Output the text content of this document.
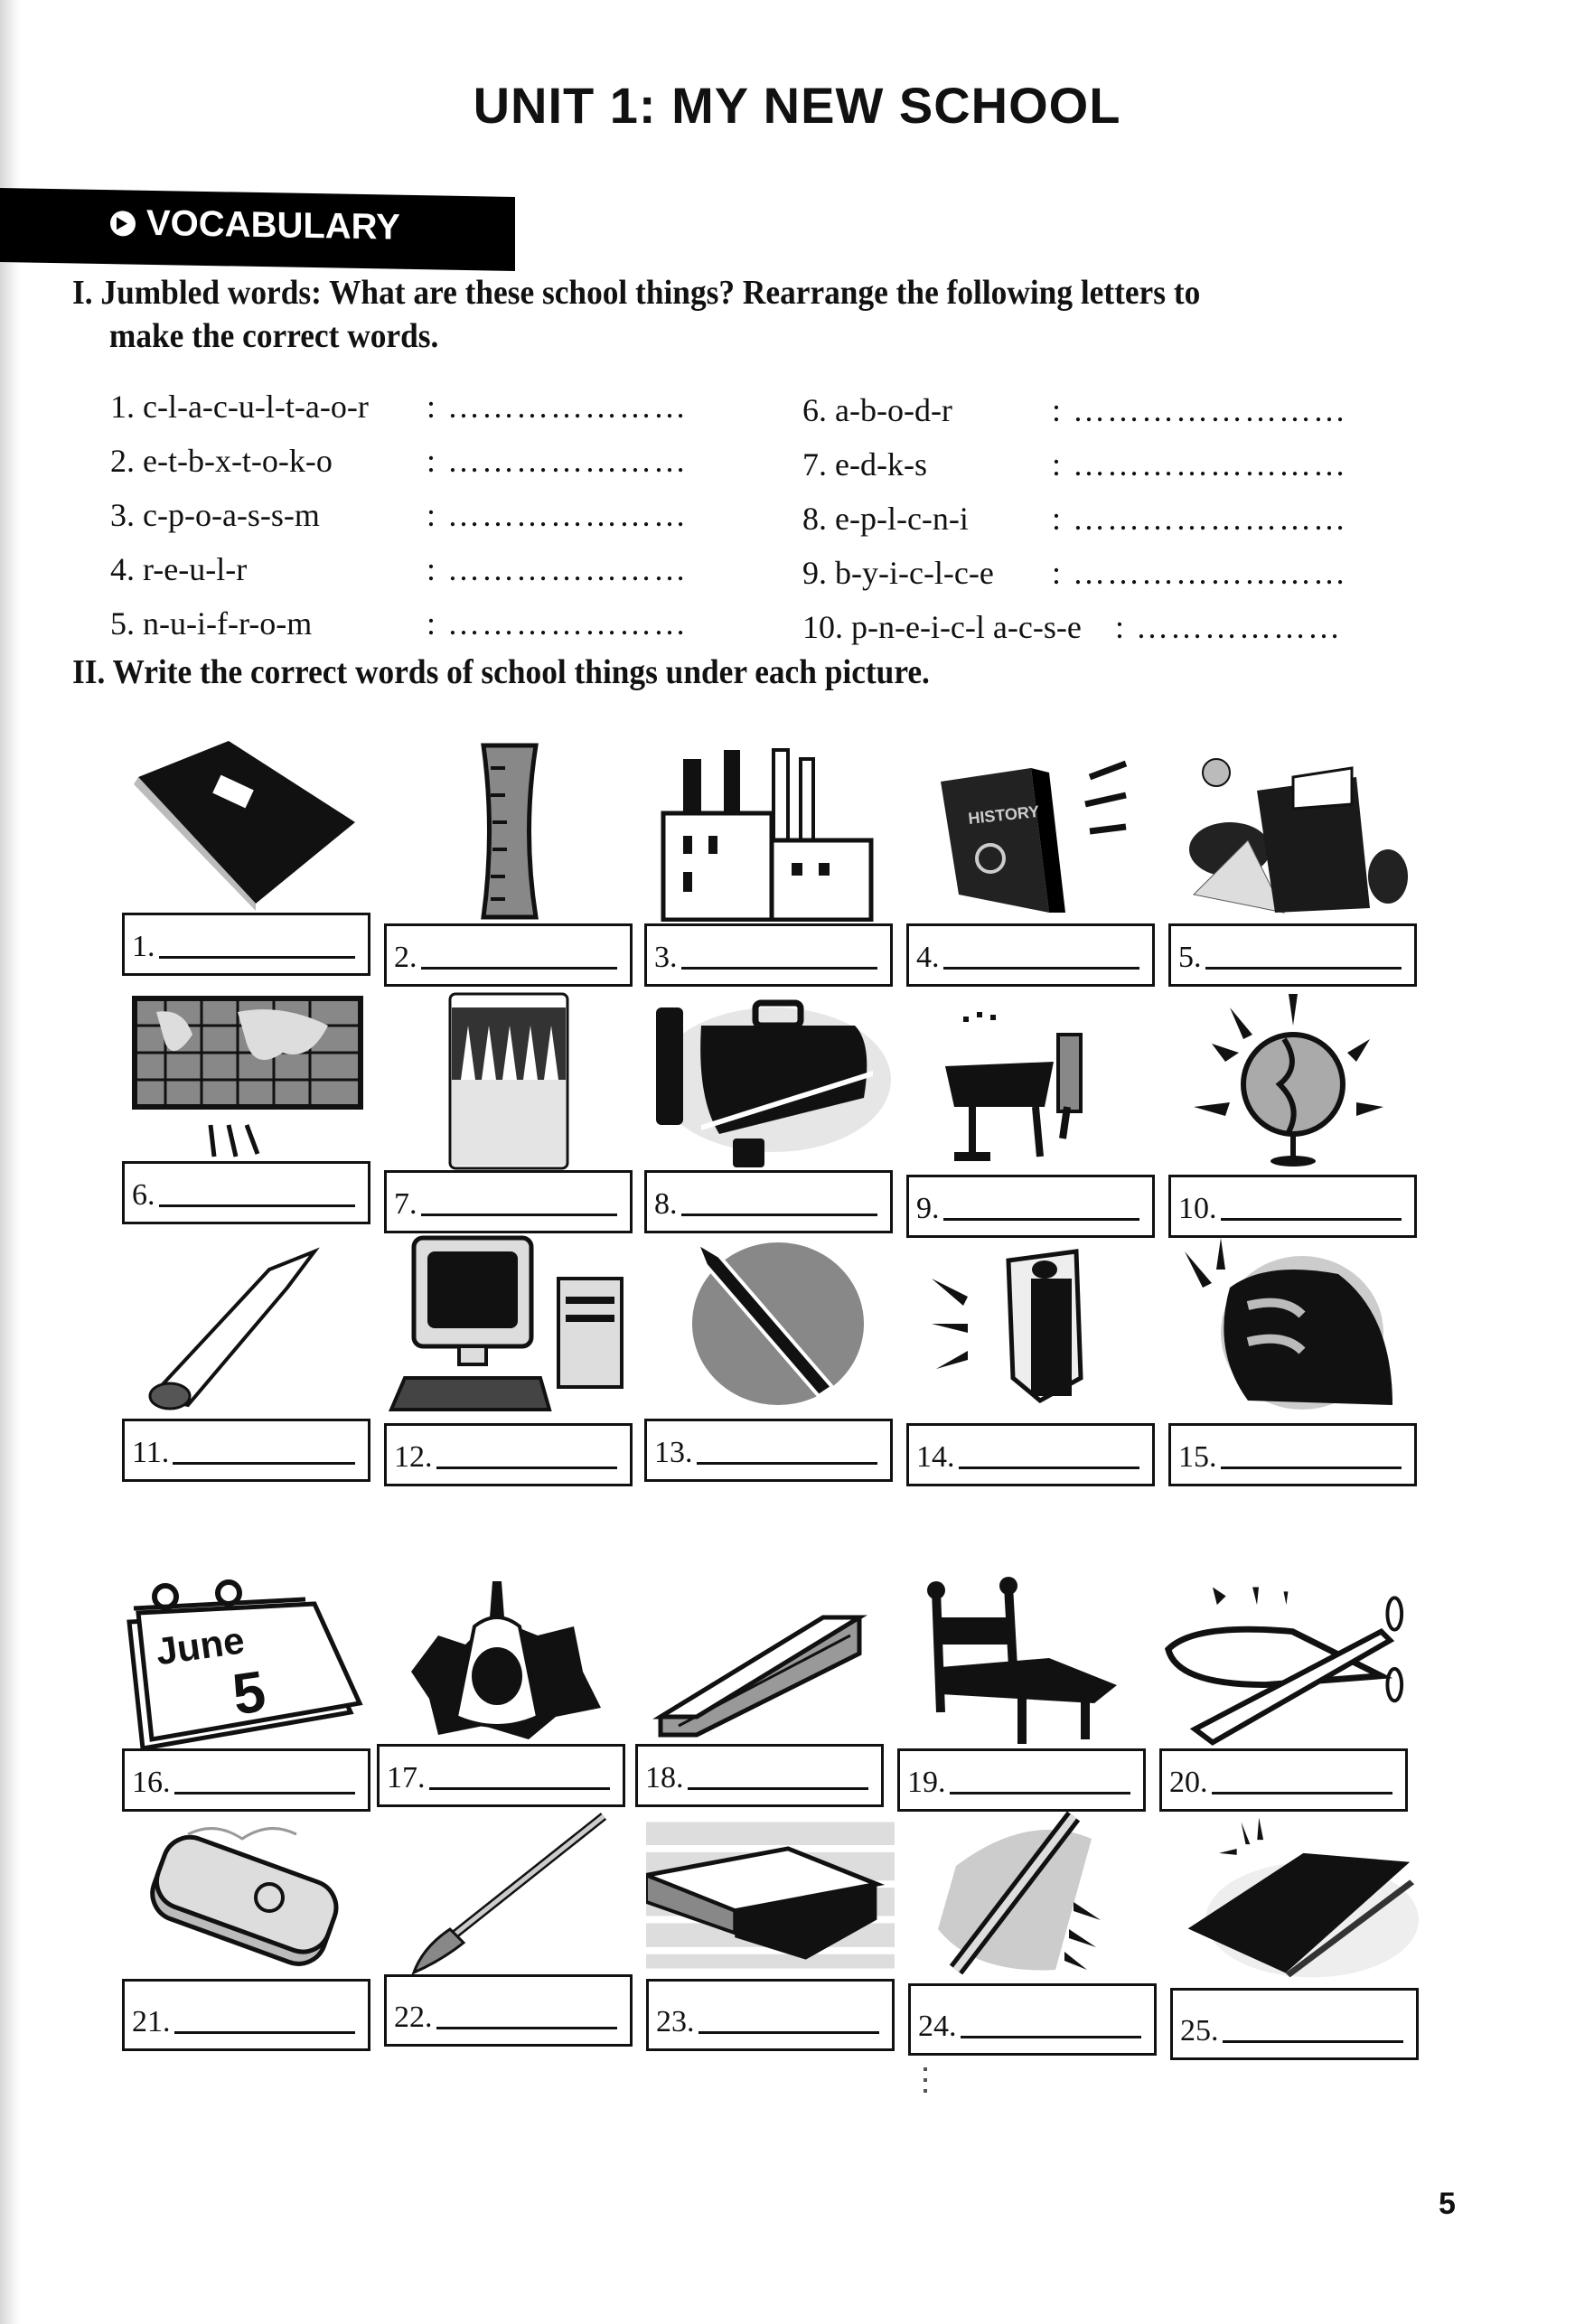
UNIT 1: MY NEW SCHOOL
VOCABULARY
I. Jumbled words: What are these school things? Rearrange the following letters to
make the correct words.
1. c-l-a-c-u-l-t-a-o-r : …………………
2. e-t-b-x-t-o-k-o	: …………………
3. c-p-o-a-s-s-m	: …………………
4. r-e-u-l-r	: …………………
5. n-u-i-f-r-o-m	: …………………
6. a-b-o-d-r	: ……………………
7. e-d-k-s	: ……………………
8. e-p-l-c-n-i	: ……………………
9. b-y-i-c-l-c-e : ……………………
10. p-n-e-i-c-l a-c-s-e : ………………
II. Write the correct words of school things under each picture.
1.	2.	3.
HISTORY
4.	5.
6.	7.	8.	9.	10.
11.	12.	13.	14.	15.
June
5
16.	17.	18.	19.	20.
21.	22.	23.	24.	25.
5
